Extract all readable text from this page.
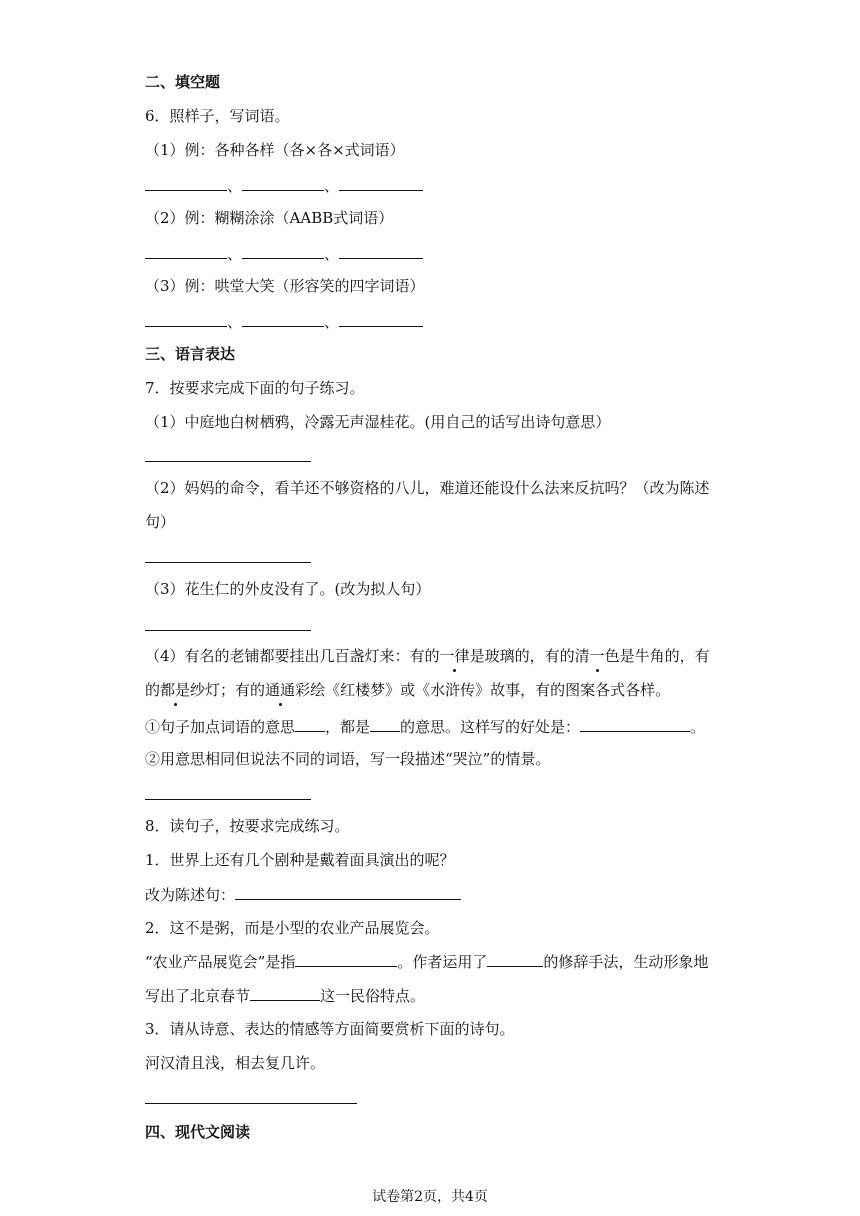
二、填空题
6．照样子，写词语。
（1）例：各种各样（各×各×式词语）
、	、
（2）例：糊糊涂涂（AABB式词语）
、	、
（3）例：哄堂大笑（形容笑的四字词语）
、	、
三、语言表达
7．按要求完成下面的句子练习。
（1）中庭地白树栖鸦，冷露无声湿桂花。(用自己的话写出诗句意思）
（2）妈妈的命令，看羊还不够资格的八儿，难道还能设什么法来反抗吗？（改为陈述
句）
（3）花生仁的外皮没有了。(改为拟人句）
（4）有名的老铺都要挂出几百盏灯来：有的一律是玻璃的，有的清一色是牛角的，有
的都是纱灯；有的通通彩绘《红楼梦》或《水浒传》故事，有的图案各式各样。
①句子加点词语的意思 ，都是 的意思。这样写的好处是：	。
②用意思相同但说法不同的词语，写一段描述“哭泣”的情景。
8．读句子，按要求完成练习。
1．世界上还有几个剧种是戴着面具演出的呢？
改为陈述句：
2．这不是粥，而是小型的农业产品展览会。
“农业产品展览会”是指	。作者运用了	的修辞手法，生动形象地
写出了北京春节	这一民俗特点。
3．请从诗意、表达的情感等方面简要赏析下面的诗句。
河汉清且浅，相去复几许。
四、现代文阅读
试卷第2页，共4页
